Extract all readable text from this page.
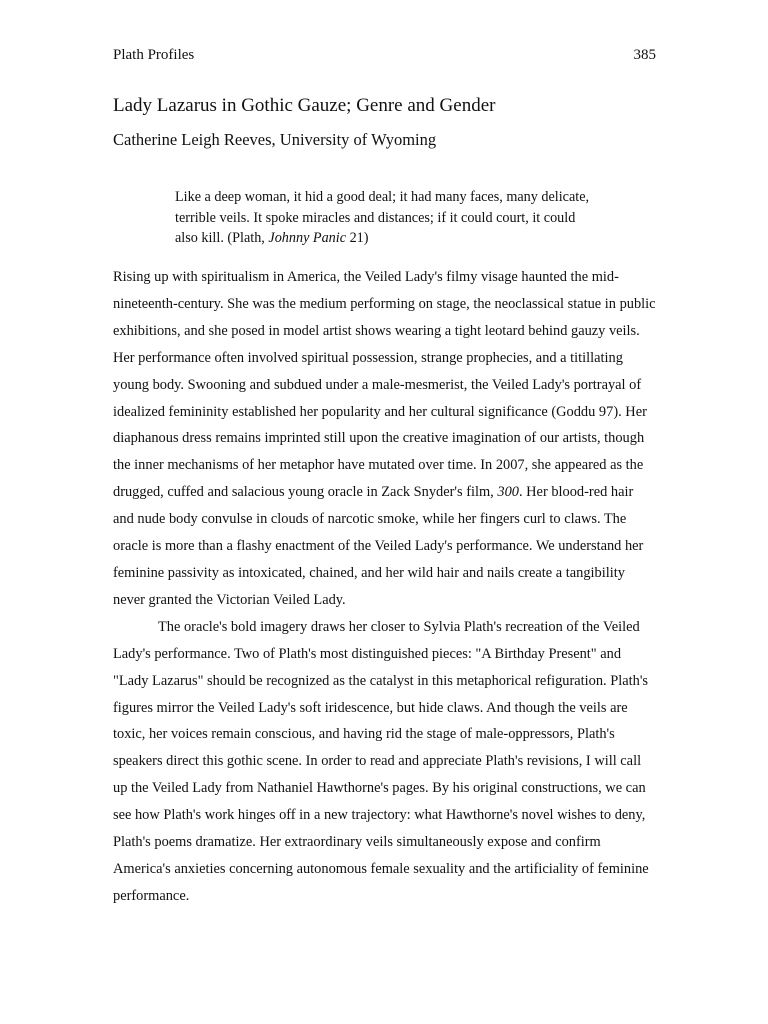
Plath Profiles	385
Lady Lazarus in Gothic Gauze; Genre and Gender

Catherine Leigh Reeves, University of Wyoming

Like a deep woman, it hid a good deal; it had many faces, many delicate, terrible veils. It spoke miracles and distances; if it could court, it could also kill. (Plath, Johnny Panic 21)

Rising up with spiritualism in America, the Veiled Lady's filmy visage haunted the mid-nineteenth-century. She was the medium performing on stage, the neoclassical statue in public exhibitions, and she posed in model artist shows wearing a tight leotard behind gauzy veils. Her performance often involved spiritual possession, strange prophecies, and a titillating young body. Swooning and subdued under a male-mesmerist, the Veiled Lady's portrayal of idealized femininity established her popularity and her cultural significance (Goddu 97). Her diaphanous dress remains imprinted still upon the creative imagination of our artists, though the inner mechanisms of her metaphor have mutated over time. In 2007, she appeared as the drugged, cuffed and salacious young oracle in Zack Snyder's film, 300. Her blood-red hair and nude body convulse in clouds of narcotic smoke, while her fingers curl to claws. The oracle is more than a flashy enactment of the Veiled Lady's performance. We understand her feminine passivity as intoxicated, chained, and her wild hair and nails create a tangibility never granted the Victorian Veiled Lady.

The oracle's bold imagery draws her closer to Sylvia Plath's recreation of the Veiled Lady's performance. Two of Plath's most distinguished pieces: "A Birthday Present" and "Lady Lazarus" should be recognized as the catalyst in this metaphorical refiguration. Plath's figures mirror the Veiled Lady's soft iridescence, but hide claws. And though the veils are toxic, her voices remain conscious, and having rid the stage of male-oppressors, Plath's speakers direct this gothic scene. In order to read and appreciate Plath's revisions, I will call up the Veiled Lady from Nathaniel Hawthorne's pages. By his original constructions, we can see how Plath's work hinges off in a new trajectory: what Hawthorne's novel wishes to deny, Plath's poems dramatize. Her extraordinary veils simultaneously expose and confirm America's anxieties concerning autonomous female sexuality and the artificiality of feminine performance.
